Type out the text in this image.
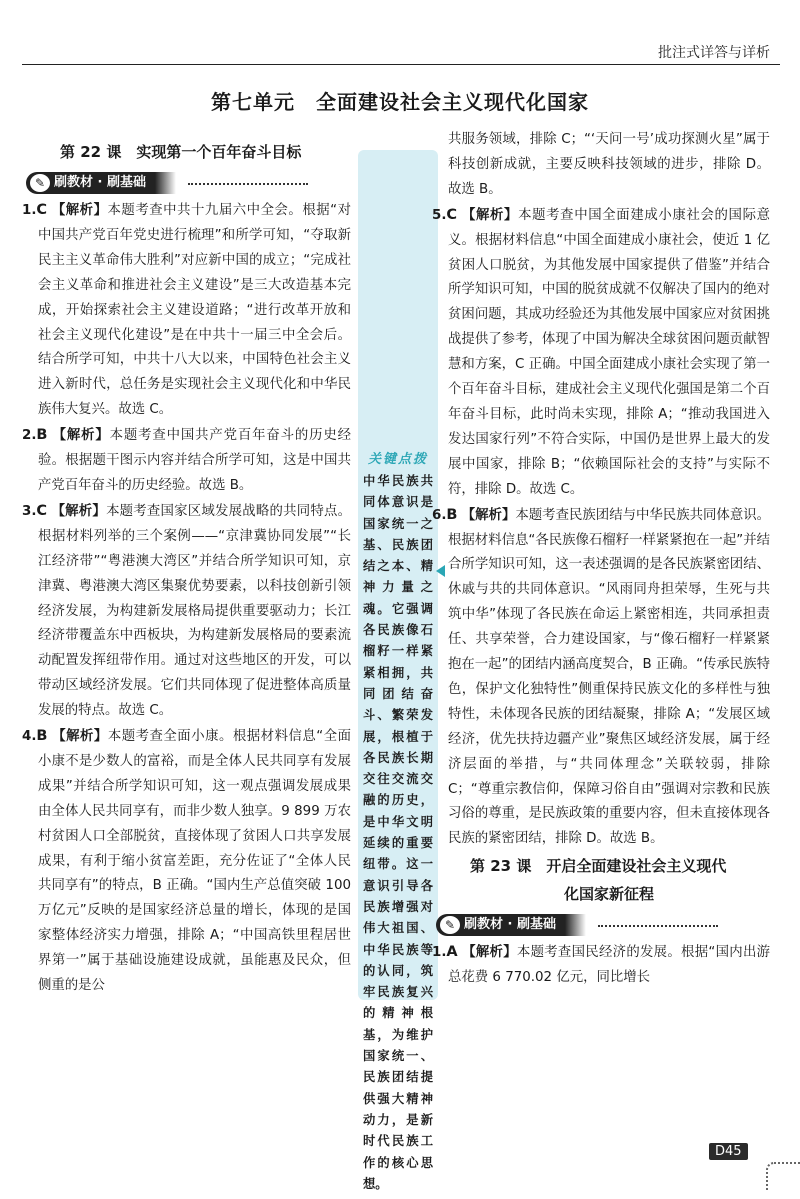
批注式详答与详析
第七单元　全面建设社会主义现代化国家
第 22 课　实现第一个百年奋斗目标
✎ 刷教材 · 刷基础
1.C 【解析】本题考查中共十九届六中全会。根据“对中国共产党百年党史进行梳理”和所学可知，“夺取新民主主义革命伟大胜利”对应新中国的成立；“完成社会主义革命和推进社会主义建设”是三大改造基本完成，开始探索社会主义建设道路；“进行改革开放和社会主义现代化建设”是在中共十一届三中全会后。结合所学可知，中共十八大以来，中国特色社会主义进入新时代，总任务是实现社会主义现代化和中华民族伟大复兴。故选 C。
2.B 【解析】本题考查中国共产党百年奋斗的历史经验。根据题干图示内容并结合所学可知，这是中国共产党百年奋斗的历史经验。故选 B。
3.C 【解析】本题考查国家区域发展战略的共同特点。根据材料列举的三个案例——“京津冀协同发展”“长江经济带”“粤港澳大湾区”并结合所学知识可知，京津冀、粤港澳大湾区集聚优势要素，以科技创新引领经济发展，为构建新发展格局提供重要驱动力；长江经济带覆盖东中西板块，为构建新发展格局的要素流动配置发挥纽带作用。通过对这些地区的开发，可以带动区域经济发展。它们共同体现了促进整体高质量发展的特点。故选 C。
4.B 【解析】本题考查全面小康。根据材料信息“全面小康不是少数人的富裕，而是全体人民共同享有发展成果”并结合所学知识可知，这一观点强调发展成果由全体人民共同享有，而非少数人独享。9 899 万农村贫困人口全部脱贫，直接体现了贫困人口共享发展成果，有利于缩小贫富差距，充分佐证了“全体人民共同享有”的特点，B 正确。“国内生产总值突破 100 万亿元”反映的是国家经济总量的增长，体现的是国家整体经济实力增强，排除 A；“中国高铁里程居世界第一”属于基础设施建设成就，虽能惠及民众，但侧重的是公
关键点拨
中华民族共同体意识是国家统一之基、民族团结之本、精神力量之魂。它强调各民族像石榴籽一样紧紧相拥，共同团结奋斗、繁荣发展，根植于各民族长期交往交流交融的历史，是中华文明延续的重要纽带。这一意识引导各民族增强对伟大祖国、中华民族等的认同，筑牢民族复兴的精神根基，为维护国家统一、民族团结提供强大精神动力，是新时代民族工作的核心思想。
共服务领域，排除 C；“‘天问一号’成功探测火星”属于科技创新成就，主要反映科技领域的进步，排除 D。故选 B。
5.C 【解析】本题考查中国全面建成小康社会的国际意义。根据材料信息“中国全面建成小康社会，使近 1 亿贫困人口脱贫，为其他发展中国家提供了借鉴”并结合所学知识可知，中国的脱贫成就不仅解决了国内的绝对贫困问题，其成功经验还为其他发展中国家应对贫困挑战提供了参考，体现了中国为解决全球贫困问题贡献智慧和方案，C 正确。中国全面建成小康社会实现了第一个百年奋斗目标，建成社会主义现代化强国是第二个百年奋斗目标，此时尚未实现，排除 A；“推动我国进入发达国家行列”不符合实际，中国仍是世界上最大的发展中国家，排除 B；“依赖国际社会的支持”与实际不符，排除 D。故选 C。
6.B 【解析】本题考查民族团结与中华民族共同体意识。根据材料信息“各民族像石榴籽一样紧紧抱在一起”并结合所学知识可知，这一表述强调的是各民族紧密团结、休戚与共的共同体意识。“风雨同舟担荣辱，生死与共筑中华”体现了各民族在命运上紧密相连，共同承担责任、共享荣誉，合力建设国家，与“像石榴籽一样紧紧抱在一起”的团结内涵高度契合，B 正确。“传承民族特色，保护文化独特性”侧重保持民族文化的多样性与独特性，未体现各民族的团结凝聚，排除 A；“发展区域经济，优先扶持边疆产业”聚焦区域经济发展，属于经济层面的举措，与“共同体理念”关联较弱，排除 C；“尊重宗教信仰，保障习俗自由”强调对宗教和民族习俗的尊重，是民族政策的重要内容，但未直接体现各民族的紧密团结，排除 D。故选 B。
第 23 课　开启全面建设社会主义现代
化国家新征程
✎ 刷教材 · 刷基础
1.A 【解析】本题考查国民经济的发展。根据“国内出游总花费 6 770.02 亿元，同比增长
D45
